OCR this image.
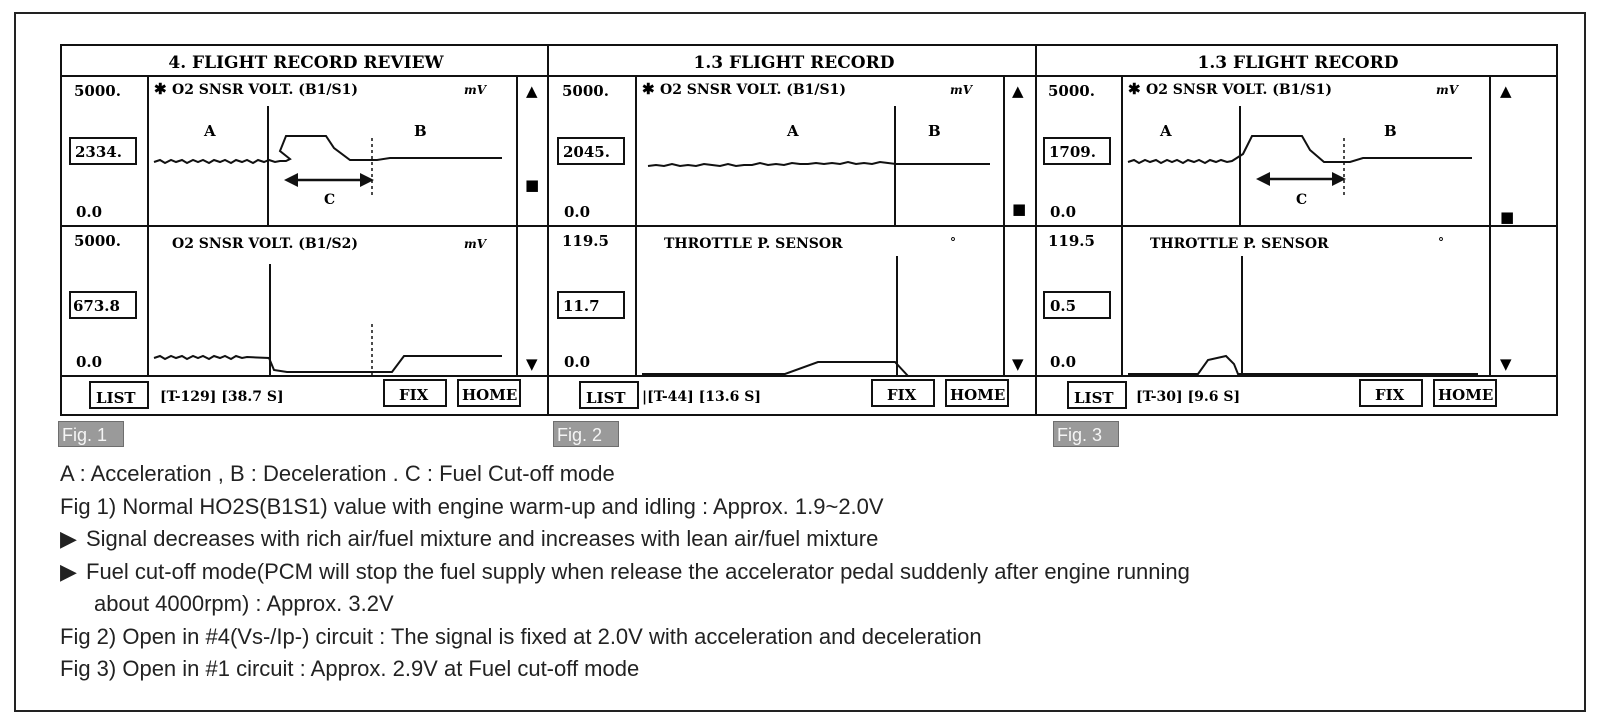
4. FLIGHT RECORD REVIEW
5000.
2334.
0.0
✱ O2 SNSR VOLT. (B1/S1)	mV
A	B
C
5000.
673.8
0.0
O2 SNSR VOLT. (B1/S2)	mV
▲
■
▼
LIST [T-129] [38.7 S]	FIX HOME
1.3 FLIGHT RECORD
5000.
2045.
0.0
✱ O2 SNSR VOLT. (B1/S1)	mV
A	B
119.5
11.7
0.0
THROTTLE P. SENSOR	°
▲
■
▼
LIST |[T-44] [13.6 S]	FIX HOME
1.3 FLIGHT RECORD
5000.
1709.
0.0
✱ O2 SNSR VOLT. (B1/S1)	mV
A	B
C
119.5
0.5
0.0
THROTTLE P. SENSOR	°
▲
■
▼
LIST [T-30] [9.6 S]	FIX HOME
Fig. 1	Fig. 2	Fig. 3
A : Acceleration , B : Deceleration . C : Fuel Cut-off mode
Fig 1) Normal HO2S(B1S1) value with engine warm-up and idling : Approx. 1.9~2.0V
▶ Signal decreases with rich air/fuel mixture and increases with lean air/fuel mixture
▶ Fuel cut-off mode(PCM will stop the fuel supply when release the accelerator pedal suddenly after engine running
about 4000rpm) : Approx. 3.2V
Fig 2) Open in #4(Vs-/Ip-) circuit : The signal is fixed at 2.0V with acceleration and deceleration
Fig 3) Open in #1 circuit : Approx. 2.9V at Fuel cut-off mode
